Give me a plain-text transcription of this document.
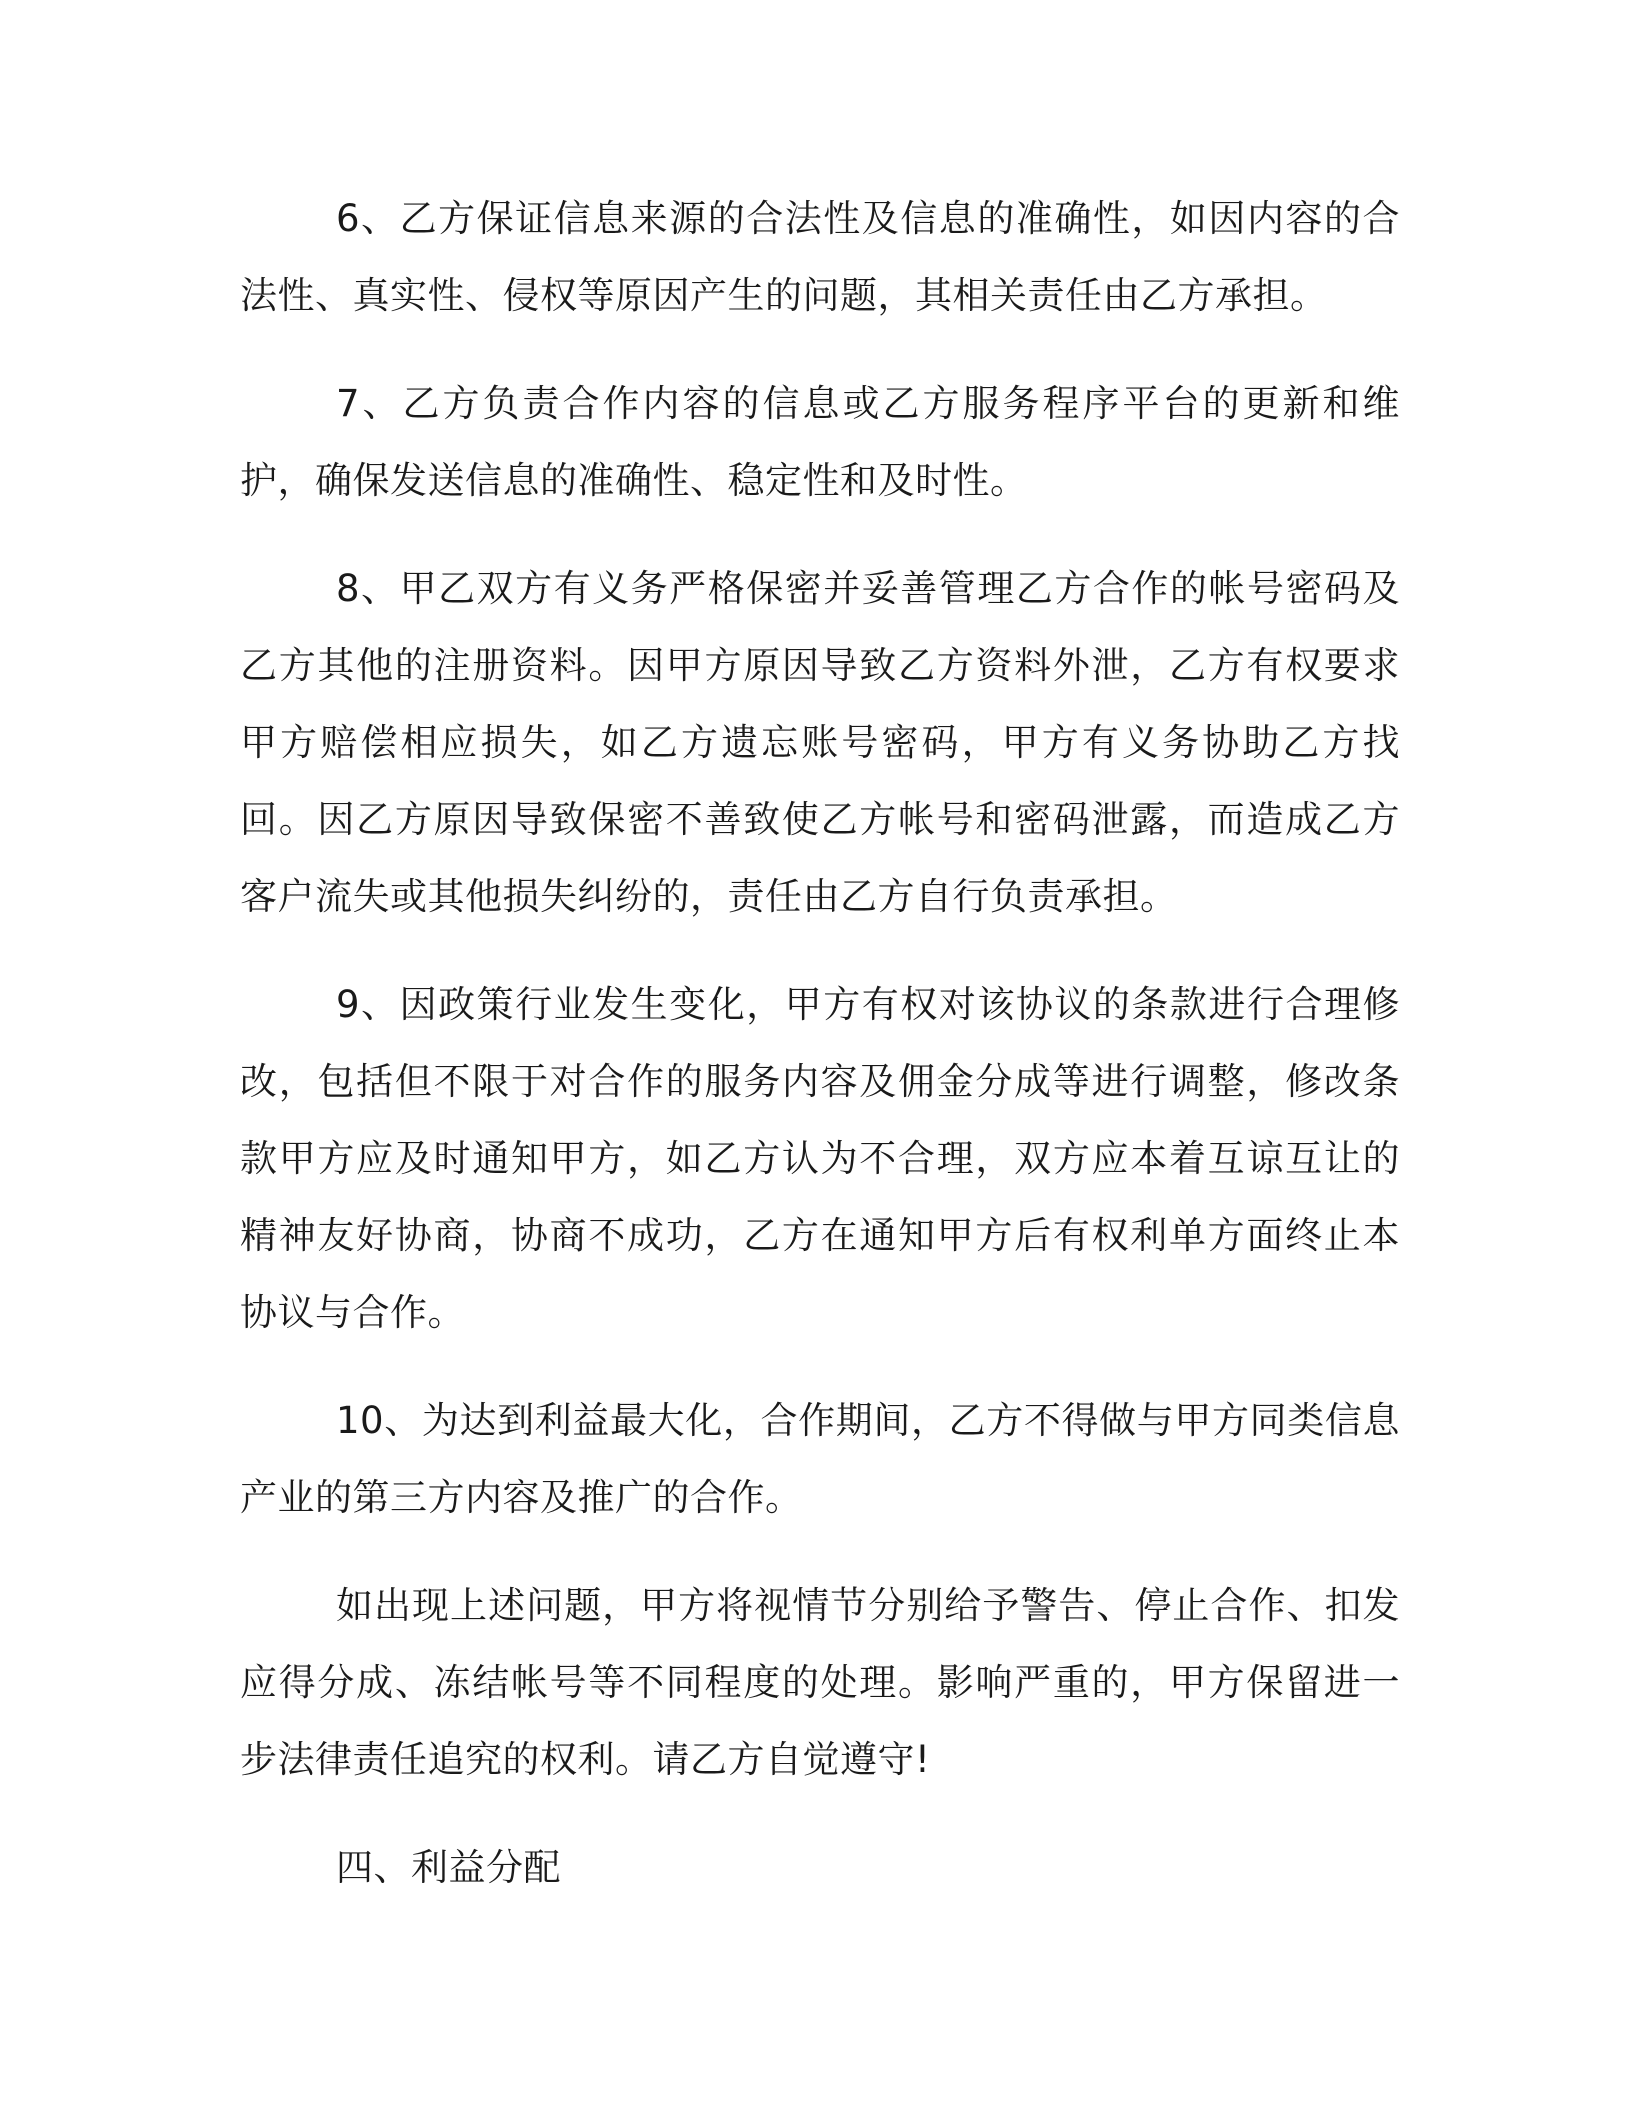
6、乙方保证信息来源的合法性及信息的准确性，如因内容的合法性、真实性、侵权等原因产生的问题，其相关责任由乙方承担。

7、乙方负责合作内容的信息或乙方服务程序平台的更新和维护，确保发送信息的准确性、稳定性和及时性。

8、甲乙双方有义务严格保密并妥善管理乙方合作的帐号密码及乙方其他的注册资料。因甲方原因导致乙方资料外泄，乙方有权要求甲方赔偿相应损失，如乙方遗忘账号密码，甲方有义务协助乙方找回。因乙方原因导致保密不善致使乙方帐号和密码泄露，而造成乙方客户流失或其他损失纠纷的，责任由乙方自行负责承担。

9、因政策行业发生变化，甲方有权对该协议的条款进行合理修改，包括但不限于对合作的服务内容及佣金分成等进行调整，修改条款甲方应及时通知甲方，如乙方认为不合理，双方应本着互谅互让的精神友好协商，协商不成功，乙方在通知甲方后有权利单方面终止本协议与合作。

10、为达到利益最大化，合作期间，乙方不得做与甲方同类信息产业的第三方内容及推广的合作。

如出现上述问题，甲方将视情节分别给予警告、停止合作、扣发应得分成、冻结帐号等不同程度的处理。影响严重的，甲方保留进一步法律责任追究的权利。请乙方自觉遵守!

四、利益分配
